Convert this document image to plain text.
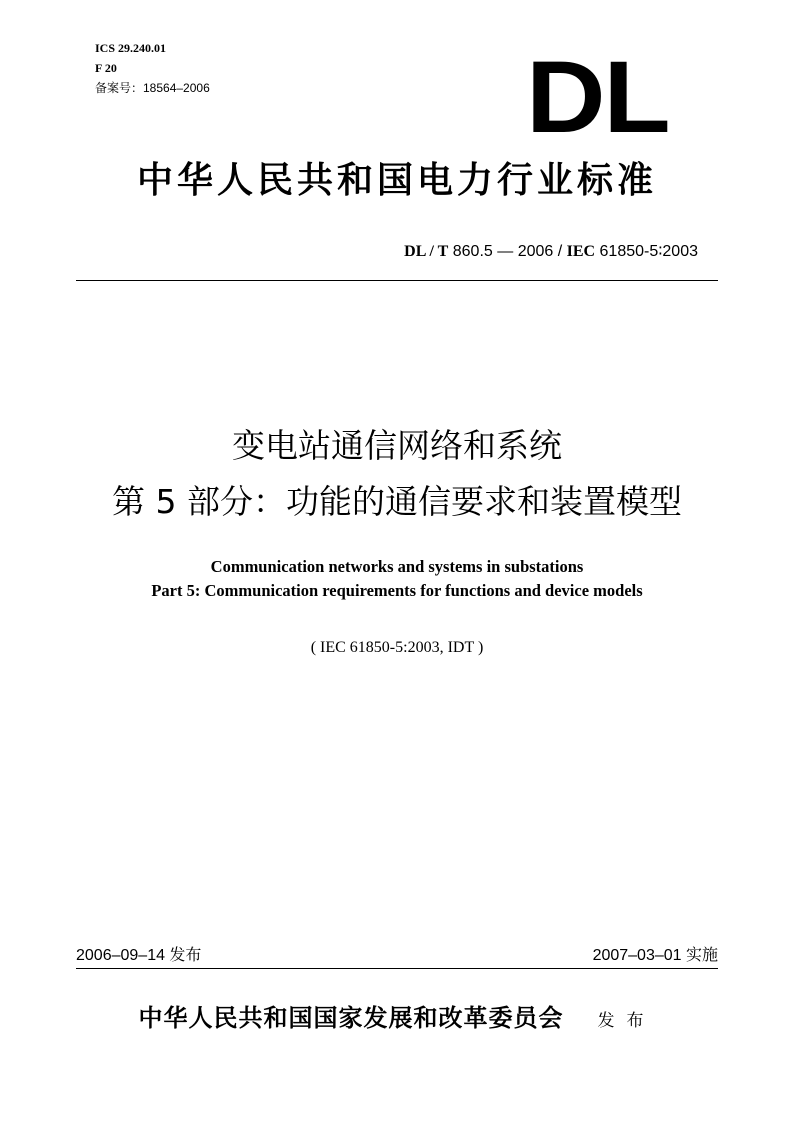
ICS 29.240.01
F 20
备案号：18564–2006	DL
中华人民共和国电力行业标准
DL / T 860.5 — 2006 / IEC 61850-5∶2003
变电站通信网络和系统
第 5 部分：功能的通信要求和装置模型
Communication networks and systems in substations
Part 5: Communication requirements for functions and device models
( IEC 61850-5:2003, IDT )
2006–09–14 发布	2007–03–01 实施
中华人民共和国国家发展和改革委员会 发布
